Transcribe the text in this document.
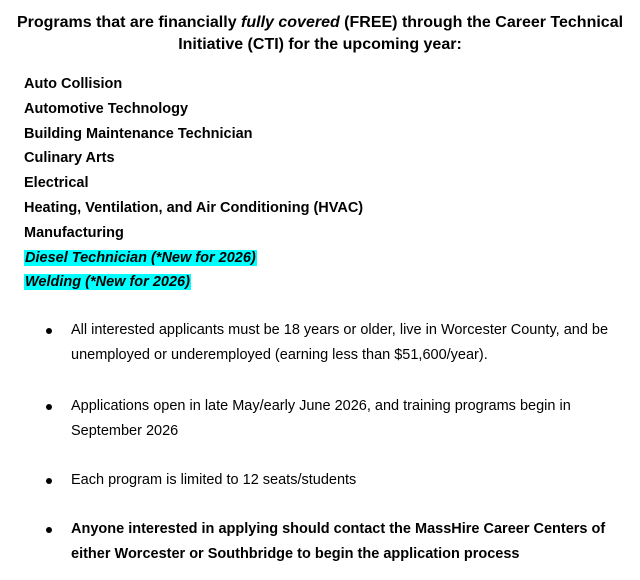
Programs that are financially fully covered (FREE) through the Career Technical Initiative (CTI) for the upcoming year:
Auto Collision
Automotive Technology
Building Maintenance Technician
Culinary Arts
Electrical
Heating, Ventilation, and Air Conditioning (HVAC)
Manufacturing
Diesel Technician (*New for 2026)
Welding (*New for 2026)
All interested applicants must be 18 years or older, live in Worcester County, and be unemployed or underemployed (earning less than $51,600/year).
Applications open in late May/early June 2026, and training programs begin in September 2026
Each program is limited to 12 seats/students
Anyone interested in applying should contact the MassHire Career Centers of either Worcester or Southbridge to begin the application process
